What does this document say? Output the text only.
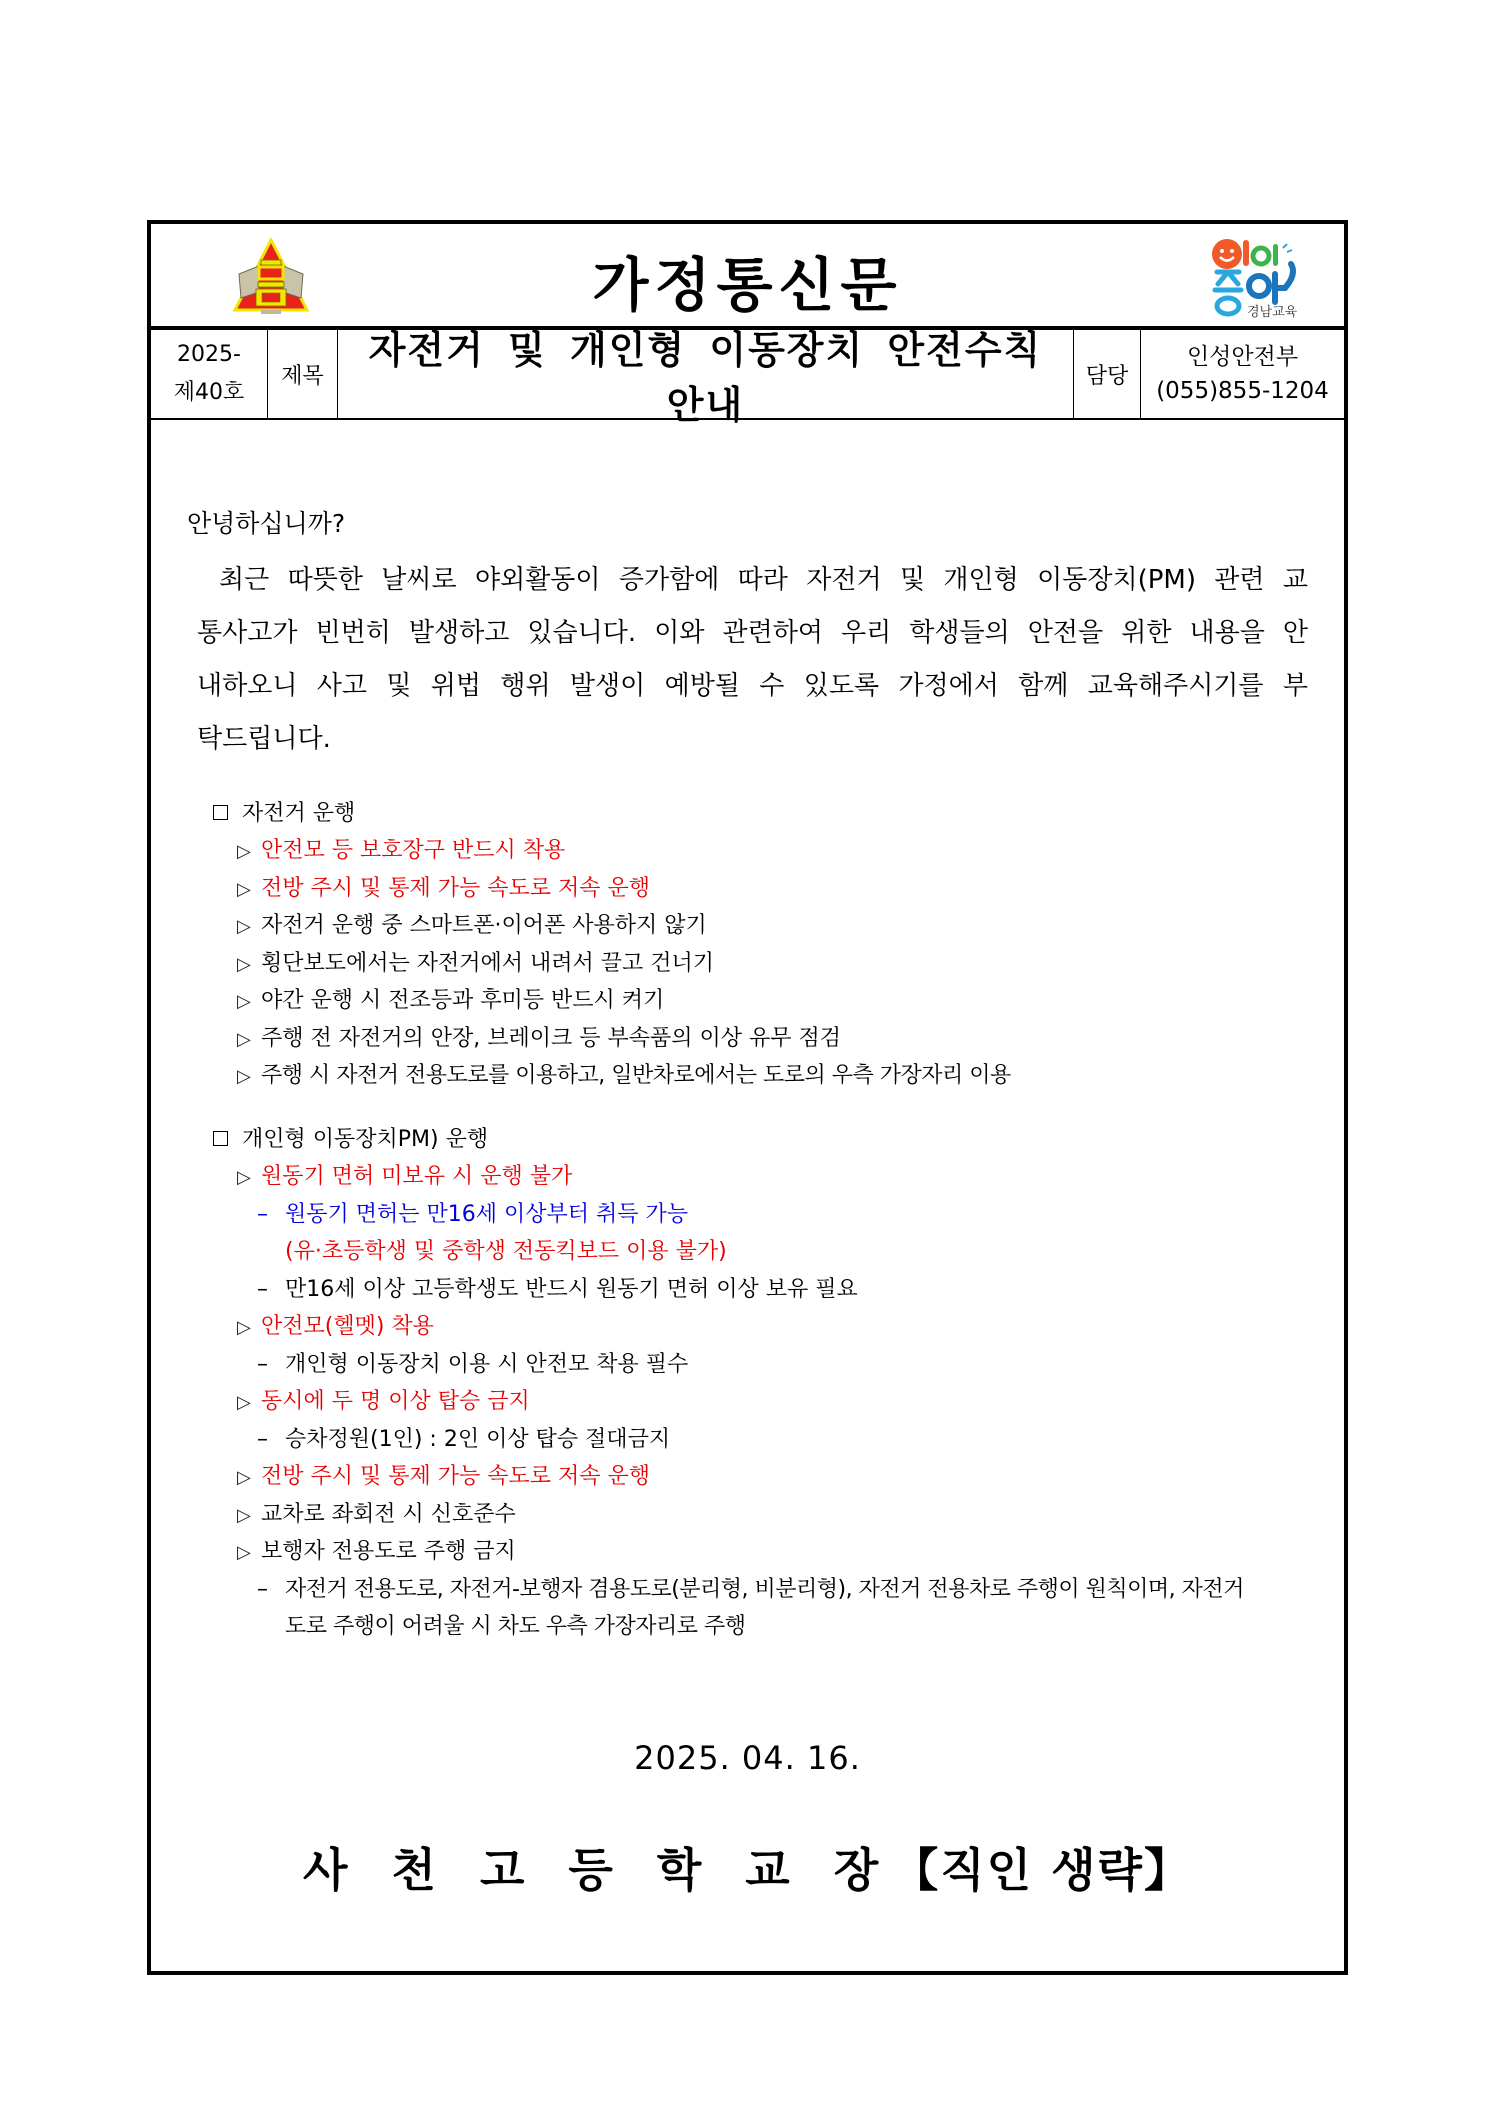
가정통신문	경남교육
2025-
제40호
제목
자전거 및 개인형 이동장치 안전수칙 안내
담당
인성안전부
(055)855-1204
안녕하십니까?
최근 따뜻한 날씨로 야외활동이 증가함에 따라 자전거 및 개인형 이동장치(PM) 관련 교통사고가 빈번히 발생하고 있습니다. 이와 관련하여 우리 학생들의 안전을 위한 내용을 안내하오니 사고 및 위법 행위 발생이 예방될 수 있도록 가정에서 함께 교육해주시기를 부탁드립니다.
자전거 운행
▷ 안전모 등 보호장구 반드시 착용
▷ 전방 주시 및 통제 가능 속도로 저속 운행
▷ 자전거 운행 중 스마트폰·이어폰 사용하지 않기
▷ 횡단보도에서는 자전거에서 내려서 끌고 건너기
▷ 야간 운행 시 전조등과 후미등 반드시 켜기
▷ 주행 전 자전거의 안장, 브레이크 등 부속품의 이상 유무 점검
▷ 주행 시 자전거 전용도로를 이용하고, 일반차로에서는 도로의 우측 가장자리 이용
개인형 이동장치PM) 운행
▷ 원동기 면허 미보유 시 운행 불가
– 원동기 면허는 만16세 이상부터 취득 가능
(유·초등학생 및 중학생 전동킥보드 이용 불가)
– 만16세 이상 고등학생도 반드시 원동기 면허 이상 보유 필요
▷ 안전모(헬멧) 착용
– 개인형 이동장치 이용 시 안전모 착용 필수
▷ 동시에 두 명 이상 탑승 금지
– 승차정원(1인) : 2인 이상 탑승 절대금지
▷ 전방 주시 및 통제 가능 속도로 저속 운행
▷ 교차로 좌회전 시 신호준수
▷ 보행자 전용도로 주행 금지
– 자전거 전용도로, 자전거-보행자 겸용도로(분리형, 비분리형), 자전거 전용차로 주행이 원칙이며, 자전거
도로 주행이 어려울 시 차도 우측 가장자리로 주행
2025. 04. 16.
사 천 고 등 학 교 장【직인 생략】
